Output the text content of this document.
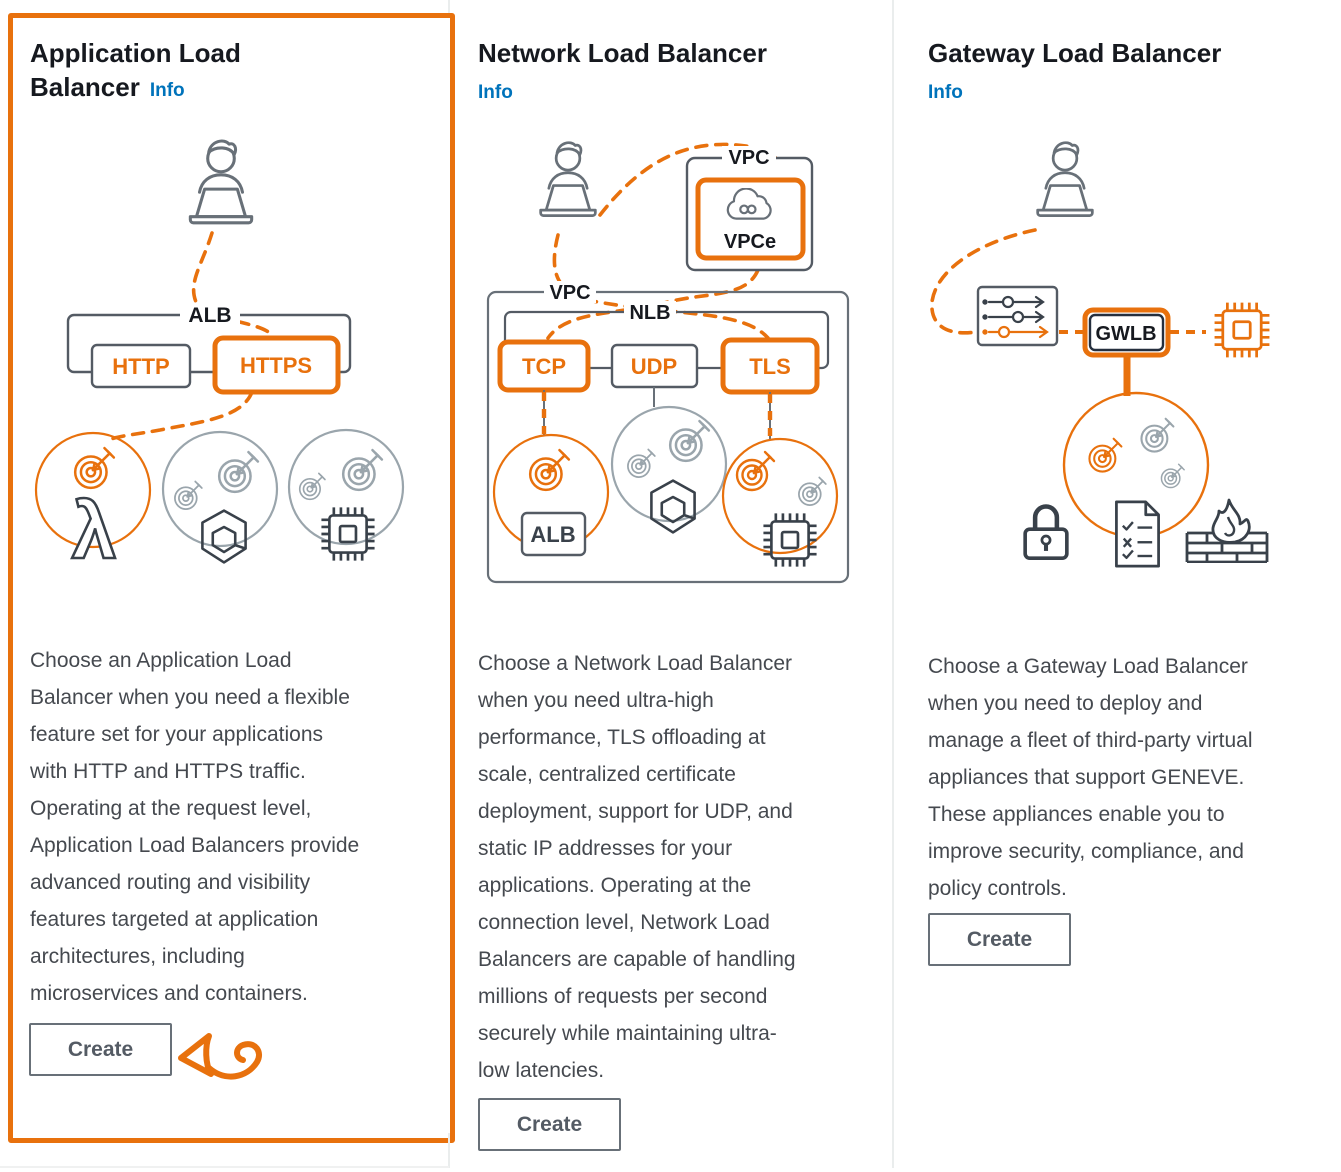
Application Load Balancer Info
ALB
HTTP	HTTPS
λ
Choose an Application Load Balancer when you need a flexible feature set for your applications with HTTP and HTTPS traffic. Operating at the request level, Application Load Balancers provide advanced routing and visibility features targeted at application architectures, including microservices and containers.
Create
Network Load Balancer
Info
VPC
VPCe
VPC
NLB
TCP	UDP	TLS
ALB
Choose a Network Load Balancer when you need ultra-high performance, TLS offloading at scale, centralized certificate deployment, support for UDP, and static IP addresses for your applications. Operating at the connection level, Network Load Balancers are capable of handling millions of requests per second securely while maintaining ultra-low latencies.
Create
Gateway Load Balancer
Info
GWLB
Choose a Gateway Load Balancer when you need to deploy and manage a fleet of third-party virtual appliances that support GENEVE. These appliances enable you to improve security, compliance, and policy controls.
Create
